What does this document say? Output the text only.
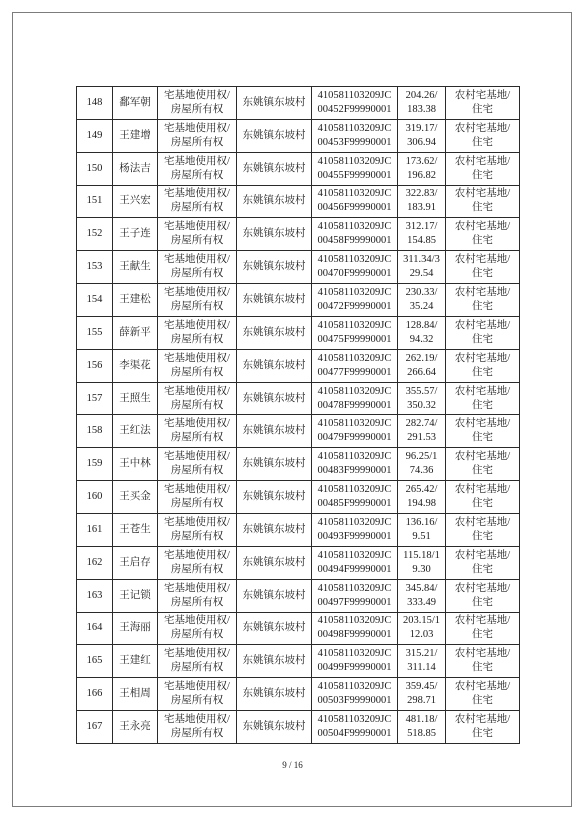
148	鄱军朝	宅基地使用权/
房屋所有权	东姚镇东坡村	410581103209JC
00452F99990001	204.26/
183.38	农村宅基地/
住宅

149	王建增	宅基地使用权/
房屋所有权	东姚镇东坡村	410581103209JC
00453F99990001	319.17/
306.94	农村宅基地/
住宅

150	杨法吉	宅基地使用权/
房屋所有权	东姚镇东坡村	410581103209JC
00455F99990001	173.62/
196.82	农村宅基地/
住宅

151	王兴宏	宅基地使用权/
房屋所有权	东姚镇东坡村	410581103209JC
00456F99990001	322.83/
183.91	农村宅基地/
住宅

152	王子连	宅基地使用权/
房屋所有权	东姚镇东坡村	410581103209JC
00458F99990001	312.17/
154.85	农村宅基地/
住宅

153	王献生	宅基地使用权/
房屋所有权	东姚镇东坡村	410581103209JC
00470F99990001	311.34/3
29.54	农村宅基地/
住宅

154	王建松	宅基地使用权/
房屋所有权	东姚镇东坡村	410581103209JC
00472F99990001	230.33/
35.24	农村宅基地/
住宅

155	薛新平	宅基地使用权/
房屋所有权	东姚镇东坡村	410581103209JC
00475F99990001	128.84/
94.32	农村宅基地/
住宅

156	李渠花	宅基地使用权/
房屋所有权	东姚镇东坡村	410581103209JC
00477F99990001	262.19/
266.64	农村宅基地/
住宅

157	王照生	宅基地使用权/
房屋所有权	东姚镇东坡村	410581103209JC
00478F99990001	355.57/
350.32	农村宅基地/
住宅

158	王红法	宅基地使用权/
房屋所有权	东姚镇东坡村	410581103209JC
00479F99990001	282.74/
291.53	农村宅基地/
住宅

159	王中林	宅基地使用权/
房屋所有权	东姚镇东坡村	410581103209JC
00483F99990001	96.25/1
74.36	农村宅基地/
住宅

160	王买金	宅基地使用权/
房屋所有权	东姚镇东坡村	410581103209JC
00485F99990001	265.42/
194.98	农村宅基地/
住宅

161	王苍生	宅基地使用权/
房屋所有权	东姚镇东坡村	410581103209JC
00493F99990001	136.16/
9.51	农村宅基地/
住宅

162	王启存	宅基地使用权/
房屋所有权	东姚镇东坡村	410581103209JC
00494F99990001	115.18/1
9.30	农村宅基地/
住宅

163	王记锁	宅基地使用权/
房屋所有权	东姚镇东坡村	410581103209JC
00497F99990001	345.84/
333.49	农村宅基地/
住宅

164	王海丽	宅基地使用权/
房屋所有权	东姚镇东坡村	410581103209JC
00498F99990001	203.15/1
12.03	农村宅基地/
住宅

165	王建红	宅基地使用权/
房屋所有权	东姚镇东坡村	410581103209JC
00499F99990001	315.21/
311.14	农村宅基地/
住宅

166	王相周	宅基地使用权/
房屋所有权	东姚镇东坡村	410581103209JC
00503F99990001	359.45/
298.71	农村宅基地/
住宅

167	王永亮	宅基地使用权/
房屋所有权	东姚镇东坡村	410581103209JC
00504F99990001	481.18/
518.85	农村宅基地/
住宅
9 / 16
